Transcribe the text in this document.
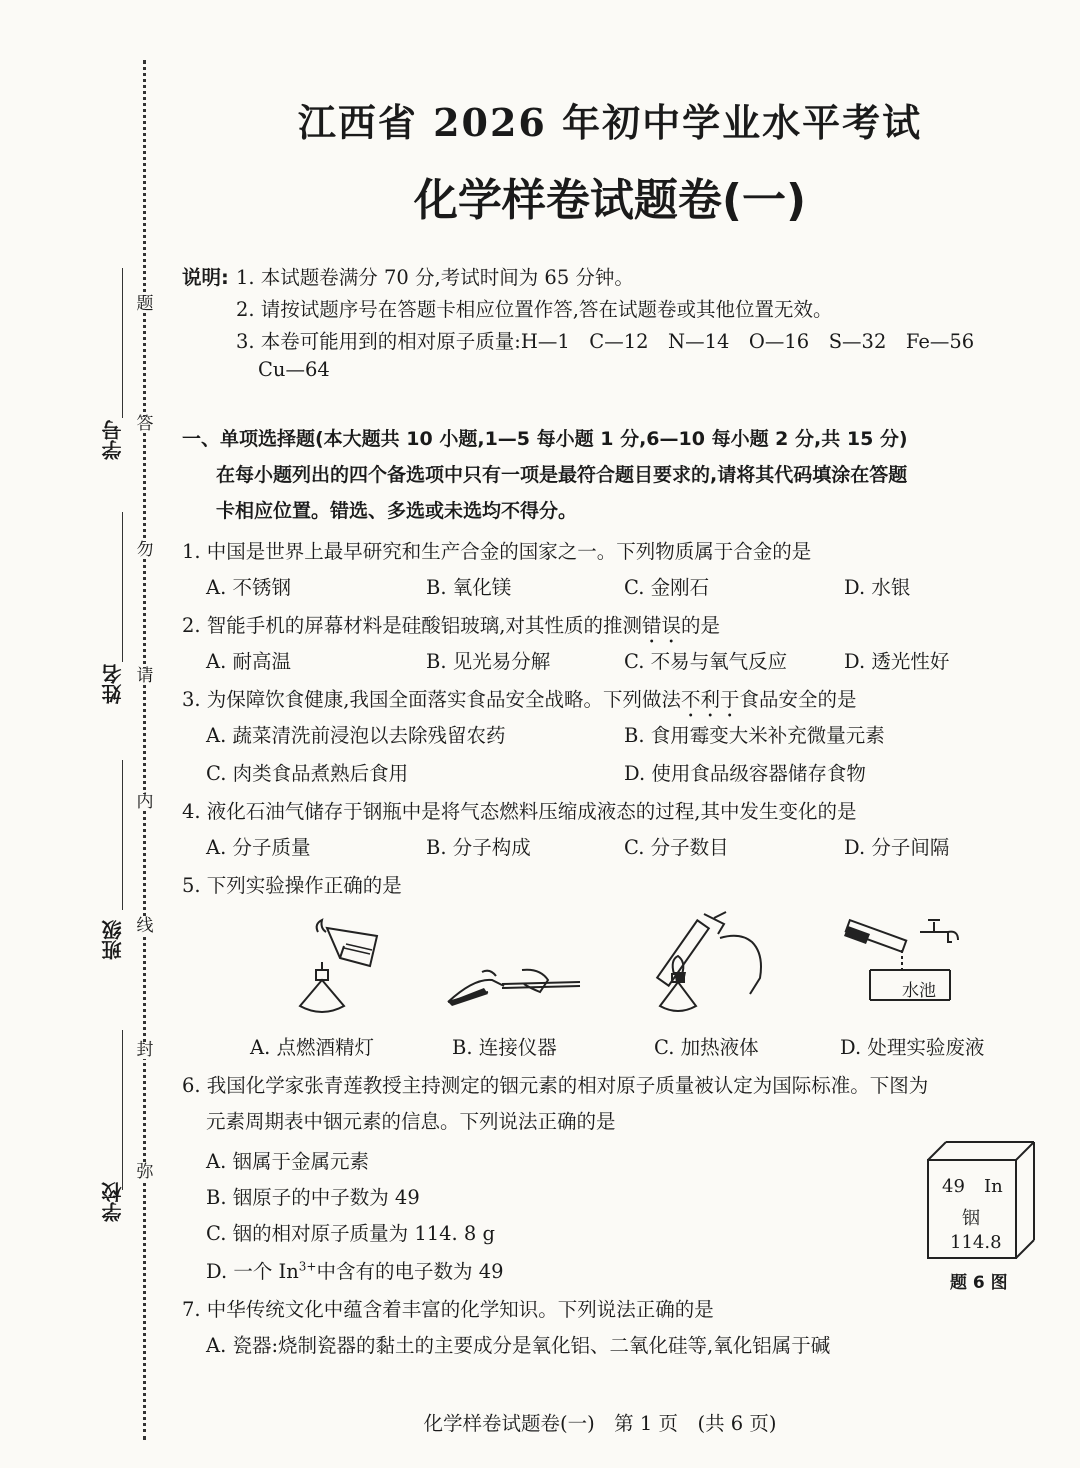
题
答
勿
请
内
线
封
弥
学号
姓名
班级
学校
江西省 2026 年初中学业水平考试
化学样卷试题卷(一)
说明: 1. 本试题卷满分 70 分,考试时间为 65 分钟。
2. 请按试题序号在答题卡相应位置作答,答在试题卷或其他位置无效。
3. 本卷可能用到的相对原子质量:H—1　C—12　N—14　O—16　S—32　Fe—56
Cu—64
一、单项选择题(本大题共 10 小题,1—5 每小题 1 分,6—10 每小题 2 分,共 15 分)
在每小题列出的四个备选项中只有一项是最符合题目要求的,请将其代码填涂在答题
卡相应位置。错选、多选或未选均不得分。
1. 中国是世界上最早研究和生产合金的国家之一。下列物质属于合金的是
A. 不锈钢	B. 氧化镁	C. 金刚石	D. 水银
2. 智能手机的屏幕材料是硅酸铝玻璃,对其性质的推测错误的是
A. 耐高温	B. 见光易分解	C. 不易与氧气反应	D. 透光性好
3. 为保障饮食健康,我国全面落实食品安全战略。下列做法不利于食品安全的是
A. 蔬菜清洗前浸泡以去除残留农药	B. 食用霉变大米补充微量元素
C. 肉类食品煮熟后食用	D. 使用食品级容器储存食物
4. 液化石油气储存于钢瓶中是将气态燃料压缩成液态的过程,其中发生变化的是
A. 分子质量	B. 分子构成	C. 分子数目	D. 分子间隔
5. 下列实验操作正确的是
水池
A. 点燃酒精灯	B. 连接仪器	C. 加热液体	D. 处理实验废液
6. 我国化学家张青莲教授主持测定的铟元素的相对原子质量被认定为国际标准。下图为
元素周期表中铟元素的信息。下列说法正确的是
A. 铟属于金属元素
B. 铟原子的中子数为 49
C. 铟的相对原子质量为 114. 8 g
D. 一个 $In^{3+}$中含有的电子数为 49
49 In
铟
114.8
题 6 图
7. 中华传统文化中蕴含着丰富的化学知识。下列说法正确的是
A. 瓷器:烧制瓷器的黏土的主要成分是氧化铝、二氧化硅等,氧化铝属于碱
化学样卷试题卷(一)　第 1 页　(共 6 页)
